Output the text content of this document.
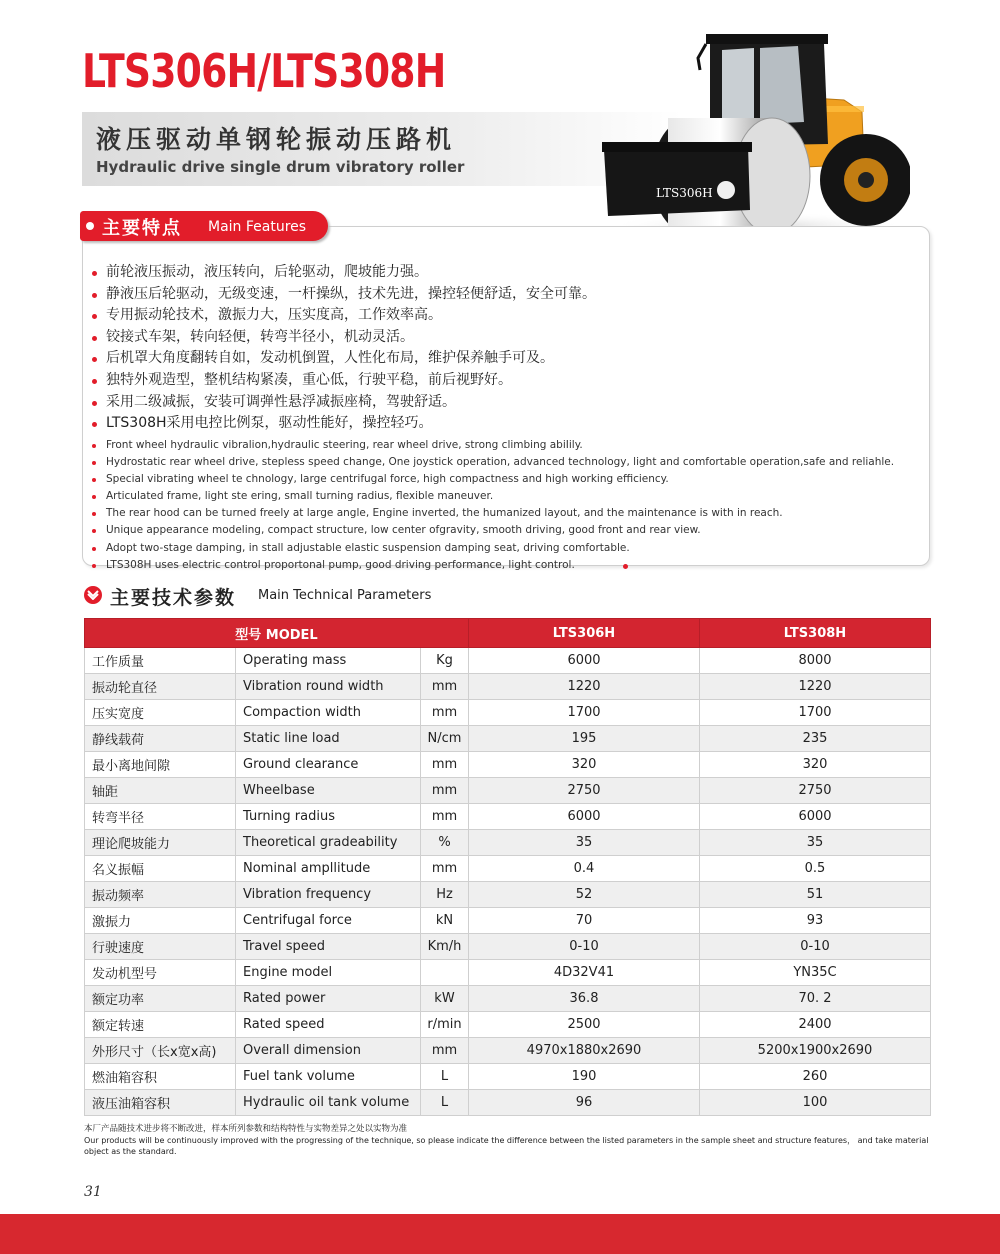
LTS306H/LTS308H
液压驱动单钢轮振动压路机
Hydraulic drive single drum vibratory roller
LTS306H
主要特点 Main Features
前轮液压振动，液压转向，后轮驱动，爬坡能力强。
静液压后轮驱动，无级变速，一杆操纵，技术先进，操控轻便舒适，安全可靠。
专用振动轮技术，激振力大，压实度高，工作效率高。
铰接式车架，转向轻便，转弯半径小，机动灵活。
后机罩大角度翻转自如，发动机倒置，人性化布局，维护保养触手可及。
独特外观造型，整机结构紧凑，重心低，行驶平稳，前后视野好。
采用二级减振，安装可调弹性悬浮减振座椅，驾驶舒适。
LTS308H采用电控比例泵，驱动性能好，操控轻巧。
Front wheel hydraulic vibralion,hydraulic steering, rear wheel drive, strong climbing abiIily.
Hydrostatic rear wheel drive, stepless speed change, One joystick operation, advanced technology, light and comfortable operation,safe and reliahle.
Special vibrating wheel te chnology, large centrifugal force, high compactness and high working efficiency.
Articulated frame, light ste ering, small turning radius, flexible maneuver.
The rear hood can be turned freely at large angle, Engine inverted, the humanized layout, and the maintenance is with in reach.
Unique appearance modeling, compact structure, low center ofgravity, smooth driving, good front and rear view.
Adopt two-stage damping, in stall adjustable elastic suspension damping seat, driving comfortable.
LTS308H uses electric control proportonal pump, good driving performance, light control.
主要技术参数 Main Technical Parameters
型号 MODEL			LTS306H	LTS308H
工作质量	Operating mass	Kg	6000	8000
振动轮直径	Vibration round width	mm	1220	1220
压实宽度	Compaction width	mm	1700	1700
静线载荷	Static line load	N/cm	195	235
最小离地间隙	Ground clearance	mm	320	320
轴距	Wheelbase	mm	2750	2750
转弯半径	Turning radius	mm	6000	6000
理论爬坡能力	Theoretical gradeability	%	35	35
名义振幅	Nominal ampllitude	mm	0.4	0.5
振动频率	Vibration frequency	Hz	52	51
激振力	Centrifugal force	kN	70	93
行驶速度	Travel speed	Km/h	0-10	0-10
发动机型号	Engine model		4D32V41	YN35C
额定功率	Rated power	kW	36.8	70. 2
额定转速	Rated speed	r/min	2500	2400
外形尺寸（长x宽x高)	Overall dimension	mm	4970x1880x2690	5200x1900x2690
燃油箱容积	Fuel tank volume	L	190	260
液压油箱容积	Hydraulic oil tank volume	L	96	100
本厂产品随技术进步将不断改进，样本所列参数和结构特性与实物差异之处以实物为准
Our products will be continuously improved with the progressing of the technique, so please indicate the difference between the listed parameters in the sample sheet and structure features， and take material object as the standard.
31
